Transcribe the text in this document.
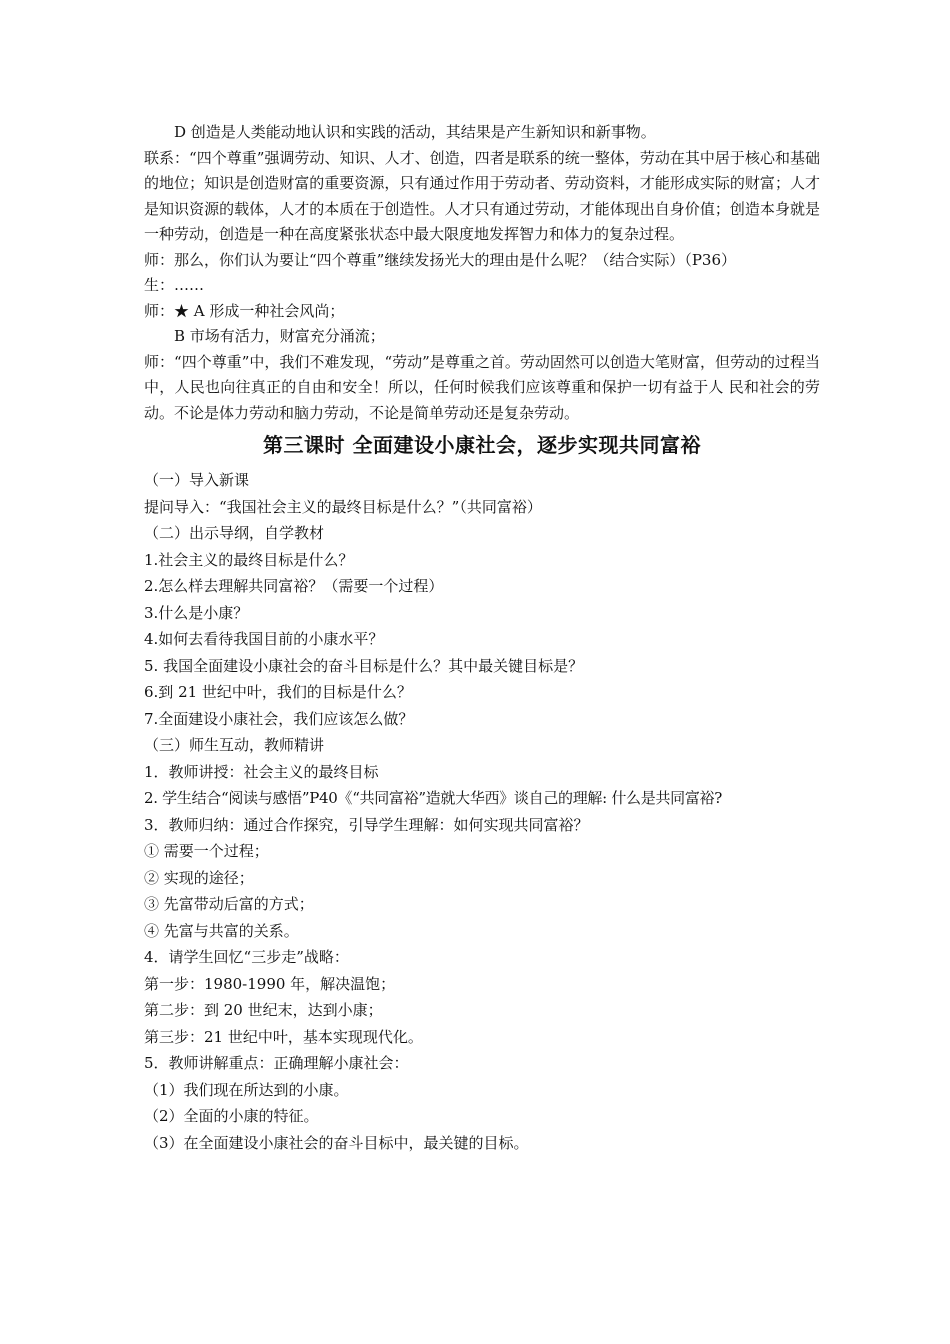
D 创造是人类能动地认识和实践的活动，其结果是产生新知识和新事物。

联系：“四个尊重”强调劳动、知识、人才、创造，四者是联系的统一整体，劳动在其中居于核心和基础的地位；知识是创造财富的重要资源，只有通过作用于劳动者、劳动资料，才能形成实际的财富；人才是知识资源的载体，人才的本质在于创造性。人才只有通过劳动，才能体现出自身价值；创造本身就是一种劳动，创造是一种在高度紧张状态中最大限度地发挥智力和体力的复杂过程。

师：那么，你们认为要让“四个尊重”继续发扬光大的理由是什么呢？（结合实际）（P36）

生：……

师：★ A 形成一种社会风尚；

B 市场有活力，财富充分涌流；

师：“四个尊重”中，我们不难发现，“劳动”是尊重之首。劳动固然可以创造大笔财富，但劳动的过程当中，人民也向往真正的自由和安全！所以，任何时候我们应该尊重和保护一切有益于人 民和社会的劳动。不论是体力劳动和脑力劳动，不论是简单劳动还是复杂劳动。

第三课时 全面建设小康社会，逐步实现共同富裕

（一）导入新课

提问导入：“我国社会主义的最终目标是什么？”（共同富裕）

（二）出示导纲，自学教材

1.社会主义的最终目标是什么？

2.怎么样去理解共同富裕？（需要一个过程）

3.什么是小康？

4.如何去看待我国目前的小康水平？

5. 我国全面建设小康社会的奋斗目标是什么？其中最关键目标是？

6.到 21 世纪中叶，我们的目标是什么？

7.全面建设小康社会，我们应该怎么做？

（三）师生互动，教师精讲

1．教师讲授：社会主义的最终目标

2. 学生结合“阅读与感悟”P40《“共同富裕”造就大华西》谈自己的理解: 什么是共同富裕?

3．教师归纳：通过合作探究，引导学生理解：如何实现共同富裕？

① 需要一个过程；

② 实现的途径；

③ 先富带动后富的方式；

④ 先富与共富的关系。

4．请学生回忆“三步走”战略：

第一步：1980-1990 年，解决温饱；

第二步：到 20 世纪末，达到小康；

第三步：21 世纪中叶，基本实现现代化。

5．教师讲解重点：正确理解小康社会：

（1）我们现在所达到的小康。

（2）全面的小康的特征。

（3）在全面建设小康社会的奋斗目标中，最关键的目标。
